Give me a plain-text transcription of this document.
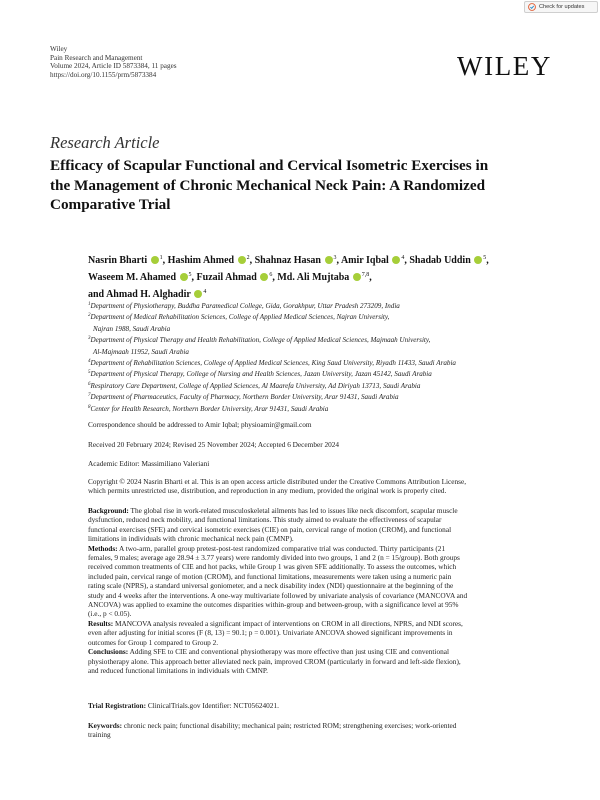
Check for updates
Wiley
Pain Research and Management
Volume 2024, Article ID 5873384, 11 pages
https://doi.org/10.1155/prm/5873384	WILEY
Research Article
Efficacy of Scapular Functional and Cervical Isometric Exercises in
the Management of Chronic Mechanical Neck Pain: A Randomized
Comparative Trial
Nasrin Bharti $^1$, Hashim Ahmed $^2$, Shahnaz Hasan $^3$, Amir Iqbal $^4$, Shadab Uddin $^5$,
Waseem M. Ahamed $^5$, Fuzail Ahmad $^6$, Md. Ali Mujtaba $^{7,8}$,
and Ahmad H. Alghadir $^4$
$^1$Department of Physiotherapy, Buddha Paramedical College, Gida, Gorakhpur, Uttar Pradesh 273209, India
$^2$Department of Medical Rehabilitation Sciences, College of Applied Medical Sciences, Najran University,
Najran 1988, Saudi Arabia
$^3$Department of Physical Therapy and Health Rehabilitation, College of Applied Medical Sciences, Majmaah University,
Al-Majmaah 11952, Saudi Arabia
$^4$Department of Rehabilitation Sciences, College of Applied Medical Sciences, King Saud University, Riyadh 11433, Saudi Arabia
$^5$Department of Physical Therapy, College of Nursing and Health Sciences, Jazan University, Jazan 45142, Saudi Arabia
$^6$Respiratory Care Department, College of Applied Sciences, Al Maarefa University, Ad Diriyah 13713, Saudi Arabia
$^7$Department of Pharmaceutics, Faculty of Pharmacy, Northern Border University, Arar 91431, Saudi Arabia
$^8$Center for Health Research, Northern Border University, Arar 91431, Saudi Arabia
Correspondence should be addressed to Amir Iqbal; physioamir@gmail.com
Received 20 February 2024; Revised 25 November 2024; Accepted 6 December 2024
Academic Editor: Massimiliano Valeriani
Copyright © 2024 Nasrin Bharti et al. This is an open access article distributed under the Creative Commons Attribution License,
which permits unrestricted use, distribution, and reproduction in any medium, provided the original work is properly cited.
Background: The global rise in work-related musculoskeletal ailments has led to issues like neck discomfort, scapular muscle
dysfunction, reduced neck mobility, and functional limitations. This study aimed to evaluate the effectiveness of scapular
functional exercises (SFE) and cervical isometric exercises (CIE) on pain, cervical range of motion (CROM), and functional
limitations in individuals with chronic mechanical neck pain (CMNP).
Methods: A two-arm, parallel group pretest-post-test randomized comparative trial was conducted. Thirty participants (21
females, 9 males; average age 28.94 ± 3.77 years) were randomly divided into two groups, 1 and 2 (n = 15/group). Both groups
received common treatments of CIE and hot packs, while Group 1 was given SFE additionally. To assess the outcomes, which
included pain, cervical range of motion (CROM), and functional limitations, measurements were taken using a numeric pain
rating scale (NPRS), a standard universal goniometer, and a neck disability index (NDI) questionnaire at the beginning of the
study and 4 weeks after the interventions. A one-way multivariate followed by univariate analysis of covariance (MANCOVA and
ANCOVA) was applied to examine the outcomes disparities within-group and between-group, with a significance level at 95%
(i.e., p < 0.05).
Results: MANCOVA analysis revealed a significant impact of interventions on CROM in all directions, NPRS, and NDI scores,
even after adjusting for initial scores (F (8, 13) = 90.1; p = 0.001). Univariate ANCOVA showed significant improvements in
outcomes for Group 1 compared to Group 2.
Conclusions: Adding SFE to CIE and conventional physiotherapy was more effective than just using CIE and conventional
physiotherapy alone. This approach better alleviated neck pain, improved CROM (particularly in forward and left-side flexion),
and reduced functional limitations in individuals with CMNP.
Trial Registration: ClinicalTrials.gov Identifier: NCT05624021.
Keywords: chronic neck pain; functional disability; mechanical pain; restricted ROM; strengthening exercises; work-oriented
training
